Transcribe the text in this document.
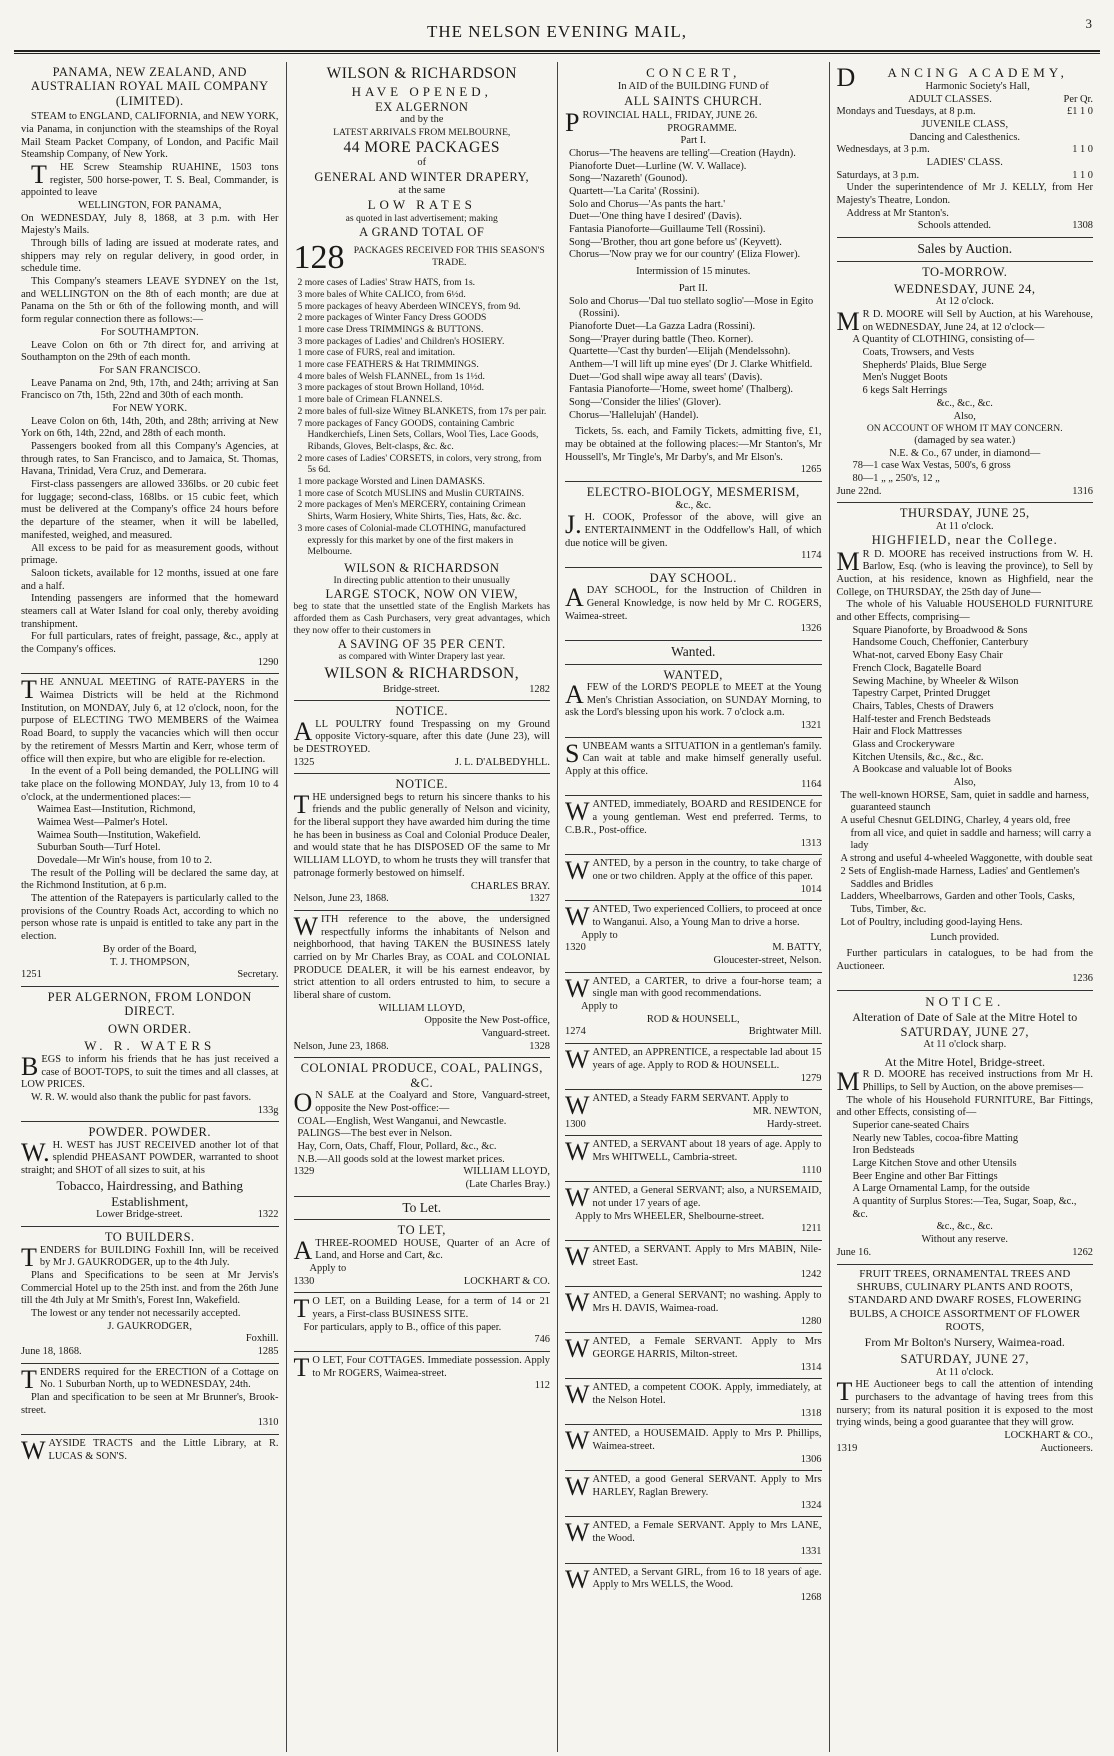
THE NELSON EVENING MAIL,	3
PANAMA, NEW ZEALAND, AND AUSTRALIAN ROYAL MAIL COMPANY (LIMITED).
STEAM to ENGLAND, CALIFORNIA, and NEW YORK, via Panama, in conjunction with the steamships of the Royal Mail Steam Packet Company, of London, and Pacific Mail Steamship Company, of New York.
THE Screw Steamship RUAHINE, 1503 tons register, 500 horse-power, T. S. Beal, Commander, is appointed to leave
WELLINGTON, FOR PANAMA,
On WEDNESDAY, July 8, 1868, at 3 p.m. with Her Majesty's Mails.
Through bills of lading are issued at moderate rates, and shippers may rely on regular delivery, in good order, in schedule time.
This Company's steamers LEAVE SYDNEY on the 1st, and WELLINGTON on the 8th of each month; are due at Panama on the 5th or 6th of the following month, and will form regular connection there as follows:—
For SOUTHAMPTON.
Leave Colon on 6th or 7th direct for, and arriving at Southampton on the 29th of each month.
For SAN FRANCISCO.
Leave Panama on 2nd, 9th, 17th, and 24th; arriving at San Francisco on 7th, 15th, 22nd and 30th of each month.
For NEW YORK.
Leave Colon on 6th, 14th, 20th, and 28th; arriving at New York on 6th, 14th, 22nd, and 28th of each month.
Passengers booked from all this Company's Agencies, at through rates, to San Francisco, and to Jamaica, St. Thomas, Havana, Trinidad, Vera Cruz, and Demerara.
First-class passengers are allowed 336lbs. or 20 cubic feet for luggage; second-class, 168lbs. or 15 cubic feet, which must be delivered at the Company's office 24 hours before the departure of the steamer, when it will be labelled, manifested, weighed, and measured.
All excess to be paid for as measurement goods, without primage.
Saloon tickets, available for 12 months, issued at one fare and a half.
Intending passengers are informed that the homeward steamers call at Water Island for coal only, thereby avoiding transhipment.
For full particulars, rates of freight, passage, &c., apply at the Company's offices.
1290
THE ANNUAL MEETING of RATE-PAYERS in the Waimea Districts will be held at the Richmond Institution, on MONDAY, July 6, at 12 o'clock, noon, for the purpose of ELECTING TWO MEMBERS of the Waimea Road Board, to supply the vacancies which will then occur by the retirement of Messrs Martin and Kerr, whose term of office will then expire, but who are eligible for re-election.
In the event of a Poll being demanded, the POLLING will take place on the following MONDAY, July 13, from 10 to 4 o'clock, at the undermentioned places:—
Waimea East—Institution, Richmond,
Waimea West—Palmer's Hotel.
Waimea South—Institution, Wakefield.
Suburban South—Turf Hotel.
Dovedale—Mr Win's house, from 10 to 2.
The result of the Polling will be declared the same day, at the Richmond Institution, at 6 p.m.
The attention of the Ratepayers is particularly called to the provisions of the Country Roads Act, according to which no person whose rate is unpaid is entitled to take any part in the election.
By order of the Board,
T. J. THOMPSON,
1251	Secretary.
PER ALGERNON, FROM LONDON DIRECT.
OWN ORDER.
W. R. WATERS
BEGS to inform his friends that he has just received a case of BOOT-TOPS, to suit the times and all classes, at LOW PRICES.
W. R. W. would also thank the public for past favors.
133g
POWDER. POWDER.
W.H. WEST has JUST RECEIVED another lot of that splendid PHEASANT POWDER, warranted to shoot straight; and SHOT of all sizes to suit, at his
Tobacco, Hairdressing, and Bathing Establishment,
Lower Bridge-street.	1322
TO BUILDERS.
TENDERS for BUILDING Foxhill Inn, will be received by Mr J. GAUKRODGER, up to the 4th July.
Plans and Specifications to be seen at Mr Jervis's Commercial Hotel up to the 25th inst. and from the 26th June till the 4th July at Mr Smith's, Forest Inn, Wakefield.
The lowest or any tender not necessarily accepted.
J. GAUKRODGER,
Foxhill.
June 18, 1868.	1285
TENDERS required for the ERECTION of a Cottage on No. 1 Suburban North, up to WEDNESDAY, 24th.
Plan and specification to be seen at Mr Brunner's, Brook-street.
1310
WAYSIDE TRACTS and the Little Library, at R. LUCAS & SON'S.
WILSON & RICHARDSON
HAVE OPENED,
EX ALGERNON
and by the
LATEST ARRIVALS FROM MELBOURNE,
44 MORE PACKAGES
of
GENERAL AND WINTER DRAPERY,
at the same
LOW RATES
as quoted in last advertisement; making
A GRAND TOTAL OF
128 PACKAGES RECEIVED FOR THIS SEASON'S TRADE.
2 more cases of Ladies' Straw HATS, from 1s.
3 more bales of White CALICO, from 6½d.
5 more packages of heavy Aberdeen WINCEYS, from 9d.
2 more packages of Winter Fancy Dress GOODS
1 more case Dress TRIMMINGS & BUTTONS.
3 more packages of Ladies' and Children's HOSIERY.
1 more case of FURS, real and imitation.
1 more case FEATHERS & Hat TRIMMINGS.
4 more bales of Welsh FLANNEL, from 1s 1½d.
3 more packages of stout Brown Holland, 10½d.
1 more bale of Crimean FLANNELS.
2 more bales of full-size Witney BLANKETS, from 17s per pair.
7 more packages of Fancy GOODS, containing Cambric Handkerchiefs, Linen Sets, Collars, Wool Ties, Lace Goods, Ribands, Gloves, Belt-clasps, &c. &c.
2 more cases of Ladies' CORSETS, in colors, very strong, from 5s 6d.
1 more package Worsted and Linen DAMASKS.
1 more case of Scotch MUSLINS and Muslin CURTAINS.
2 more packages of Men's MERCERY, containing Crimean Shirts, Warm Hosiery, White Shirts, Ties, Hats, &c. &c.
3 more cases of Colonial-made CLOTHING, manufactured expressly for this market by one of the first makers in Melbourne.
WILSON & RICHARDSON
In directing public attention to their unusually
LARGE STOCK, NOW ON VIEW,
beg to state that the unsettled state of the English Markets has afforded them as Cash Purchasers, very great advantages, which they now offer to their customers in
A SAVING OF 35 PER CENT.
as compared with Winter Drapery last year.
WILSON & RICHARDSON,
Bridge-street.	1282
NOTICE.
ALL POULTRY found Trespassing on my Ground opposite Victory-square, after this date (June 23), will be DESTROYED.
1325	J. L. D'ALBEDYHLL.
NOTICE.
THE undersigned begs to return his sincere thanks to his friends and the public generally of Nelson and vicinity, for the liberal support they have awarded him during the time he has been in business as Coal and Colonial Produce Dealer, and would state that he has DISPOSED OF the same to Mr WILLIAM LLOYD, to whom he trusts they will transfer that patronage formerly bestowed on himself.
CHARLES BRAY.
Nelson, June 23, 1868.	1327
WITH reference to the above, the undersigned respectfully informs the inhabitants of Nelson and neighborhood, that having TAKEN the BUSINESS lately carried on by Mr Charles Bray, as COAL and COLONIAL PRODUCE DEALER, it will be his earnest endeavor, by strict attention to all orders entrusted to him, to secure a liberal share of custom.
WILLIAM LLOYD,
Opposite the New Post-office,
Vanguard-street.
Nelson, June 23, 1868.	1328
COLONIAL PRODUCE, COAL, PALINGS, &C.
ON SALE at the Coalyard and Store, Vanguard-street, opposite the New Post-office:—
COAL—English, West Wanganui, and Newcastle.
PALINGS—The best ever in Nelson.
Hay, Corn, Oats, Chaff, Flour, Pollard, &c., &c.
N.B.—All goods sold at the lowest market prices.
1329	WILLIAM LLOYD,
(Late Charles Bray.)
To Let.
TO LET,
ATHREE-ROOMED HOUSE, Quarter of an Acre of Land, and Horse and Cart, &c.
Apply to
1330	LOCKHART & CO.
TO LET, on a Building Lease, for a term of 14 or 21 years, a First-class BUSINESS SITE.
For particulars, apply to B., office of this paper.
746
TO LET, Four COTTAGES. Immediate possession. Apply to Mr ROGERS, Waimea-street.
112
CONCERT,
In AID of the BUILDING FUND of
ALL SAINTS CHURCH.
PROVINCIAL HALL, FRIDAY, JUNE 26.
PROGRAMME.
Part I.
Chorus—'The heavens are telling'—Creation (Haydn).
Pianoforte Duet—Lurline (W. V. Wallace).
Song—'Nazareth' (Gounod).
Quartett—'La Carita' (Rossini).
Solo and Chorus—'As pants the hart.'
Duet—'One thing have I desired' (Davis).
Fantasia Pianoforte—Guillaume Tell (Rossini).
Song—'Brother, thou art gone before us' (Keyvett).
Chorus—'Now pray we for our country' (Eliza Flower).
Intermission of 15 minutes.
Part II.
Solo and Chorus—'Dal tuo stellato soglio'—Mose in Egito (Rossini).
Pianoforte Duet—La Gazza Ladra (Rossini).
Song—'Prayer during battle (Theo. Korner).
Quartette—'Cast thy burden'—Elijah (Mendelssohn).
Anthem—'I will lift up mine eyes' (Dr J. Clarke Whitfield.
Duet—'God shall wipe away all tears' (Davis).
Fantasia Pianoforte—'Home, sweet home' (Thalberg).
Song—'Consider the lilies' (Glover).
Chorus—'Hallelujah' (Handel).
Tickets, 5s. each, and Family Tickets, admitting five, £1, may be obtained at the following places:—Mr Stanton's, Mr Houssell's, Mr Tingle's, Mr Darby's, and Mr Elson's.
1265
ELECTRO-BIOLOGY, MESMERISM,
&c., &c.
J.H. COOK, Professor of the above, will give an ENTERTAINMENT in the Oddfellow's Hall, of which due notice will be given.
1174
DAY SCHOOL.
ADAY SCHOOL, for the Instruction of Children in General Knowledge, is now held by Mr C. ROGERS, Waimea-street.
1326
Wanted.
WANTED,
AFEW of the LORD'S PEOPLE to MEET at the Young Men's Christian Association, on SUNDAY Morning, to ask the Lord's blessing upon his work. 7 o'clock a.m.
1321
SUNBEAM wants a SITUATION in a gentleman's family. Can wait at table and make himself generally useful. Apply at this office.
1164
WANTED, immediately, BOARD and RESIDENCE for a young gentleman. West end preferred. Terms, to C.B.R., Post-office.
1313
WANTED, by a person in the country, to take charge of one or two children. Apply at the office of this paper.
1014
WANTED, Two experienced Colliers, to proceed at once to Wanganui. Also, a Young Man to drive a horse.
Apply to
1320	M. BATTY,
Gloucester-street, Nelson.
WANTED, a CARTER, to drive a four-horse team; a single man with good recommendations.
Apply to
ROD & HOUNSELL,
1274	Brightwater Mill.
WANTED, an APPRENTICE, a respectable lad about 15 years of age. Apply to ROD & HOUNSELL.
1279
WANTED, a Steady FARM SERVANT. Apply to
MR. NEWTON,
1300	Hardy-street.
WANTED, a SERVANT about 18 years of age. Apply to Mrs WHITWELL, Cambria-street.
1110
WANTED, a General SERVANT; also, a NURSEMAID, not under 17 years of age.
Apply to Mrs WHEELER, Shelbourne-street.
1211
WANTED, a SERVANT. Apply to Mrs MABIN, Nile-street East.
1242
WANTED, a General SERVANT; no washing. Apply to Mrs H. DAVIS, Waimea-road.
1280
WANTED, a Female SERVANT. Apply to Mrs GEORGE HARRIS, Milton-street.
1314
WANTED, a competent COOK. Apply, immediately, at the Nelson Hotel.
1318
WANTED, a HOUSEMAID. Apply to Mrs P. Phillips, Waimea-street.
1306
WANTED, a good General SERVANT. Apply to Mrs HARLEY, Raglan Brewery.
1324
WANTED, a Female SERVANT. Apply to Mrs LANE, the Wood.
1331
WANTED, a Servant GIRL, from 16 to 18 years of age. Apply to Mrs WELLS, the Wood.
1268
DANCING ACADEMY,
Harmonic Society's Hall,
ADULT CLASSES.	Per Qr.
Mondays and Tuesdays, at 8 p.m.	£1 1 0
JUVENILE CLASS,
Dancing and Calesthenics.
Wednesdays, at 3 p.m.	1 1 0
LADIES' CLASS.
Saturdays, at 3 p.m.	1 1 0
Under the superintendence of Mr J. KELLY, from Her Majesty's Theatre, London.
Address at Mr Stanton's.
Schools attended.	1308
Sales by Auction.
TO-MORROW.
WEDNESDAY, JUNE 24,
At 12 o'clock.
MR D. MOORE will Sell by Auction, at his Warehouse, on WEDNESDAY, June 24, at 12 o'clock—
A Quantity of CLOTHING, consisting of—
Coats, Trowsers, and Vests
Shepherds' Plaids, Blue Serge
Men's Nugget Boots
6 kegs Salt Herrings
&c., &c., &c.
Also,
ON ACCOUNT OF WHOM IT MAY CONCERN.
(damaged by sea water.)
N.E. & Co., 67 under, in diamond—
78—1 case Wax Vestas, 500's, 6 gross
80—1 „ „ 250's, 12 „
June 22nd.	1316
THURSDAY, JUNE 25,
At 11 o'clock.
HIGHFIELD, near the College.
MR D. MOORE has received instructions from W. H. Barlow, Esq. (who is leaving the province), to Sell by Auction, at his residence, known as Highfield, near the College, on THURSDAY, the 25th day of June—
The whole of his Valuable HOUSEHOLD FURNITURE and other Effects, comprising—
Square Pianoforte, by Broadwood & Sons
Handsome Couch, Cheffonier, Canterbury
What-not, carved Ebony Easy Chair
French Clock, Bagatelle Board
Sewing Machine, by Wheeler & Wilson
Tapestry Carpet, Printed Drugget
Chairs, Tables, Chests of Drawers
Half-tester and French Bedsteads
Hair and Flock Mattresses
Glass and Crockeryware
Kitchen Utensils, &c., &c., &c.
A Bookcase and valuable lot of Books
Also,
The well-known HORSE, Sam, quiet in saddle and harness, guaranteed staunch
A useful Chesnut GELDING, Charley, 4 years old, free from all vice, and quiet in saddle and harness; will carry a lady
A strong and useful 4-wheeled Waggonette, with double seat
2 Sets of English-made Harness, Ladies' and Gentlemen's Saddles and Bridles
Ladders, Wheelbarrows, Garden and other Tools, Casks, Tubs, Timber, &c.
Lot of Poultry, including good-laying Hens.
Lunch provided.
Further particulars in catalogues, to be had from the Auctioneer.
1236
NOTICE.
Alteration of Date of Sale at the Mitre Hotel to
SATURDAY, JUNE 27,
At 11 o'clock sharp.
At the Mitre Hotel, Bridge-street.
MR D. MOORE has received instructions from Mr H. Phillips, to Sell by Auction, on the above premises—
The whole of his Household FURNITURE, Bar Fittings, and other Effects, consisting of—
Superior cane-seated Chairs
Nearly new Tables, cocoa-fibre Matting
Iron Bedsteads
Large Kitchen Stove and other Utensils
Beer Engine and other Bar Fittings
A Large Ornamental Lamp, for the outside
A quantity of Surplus Stores:—Tea, Sugar, Soap, &c., &c.
&c., &c., &c.
Without any reserve.
June 16.	1262
FRUIT TREES, ORNAMENTAL TREES AND SHRUBS, CULINARY PLANTS AND ROOTS, STANDARD AND DWARF ROSES, FLOWERING BULBS, A CHOICE ASSORTMENT OF FLOWER ROOTS,
From Mr Bolton's Nursery, Waimea-road.
SATURDAY, JUNE 27,
At 11 o'clock.
THE Auctioneer begs to call the attention of intending purchasers to the advantage of having trees from this nursery; from its natural position it is exposed to the most trying winds, being a good guarantee that they will grow.
LOCKHART & CO.,
1319	Auctioneers.
